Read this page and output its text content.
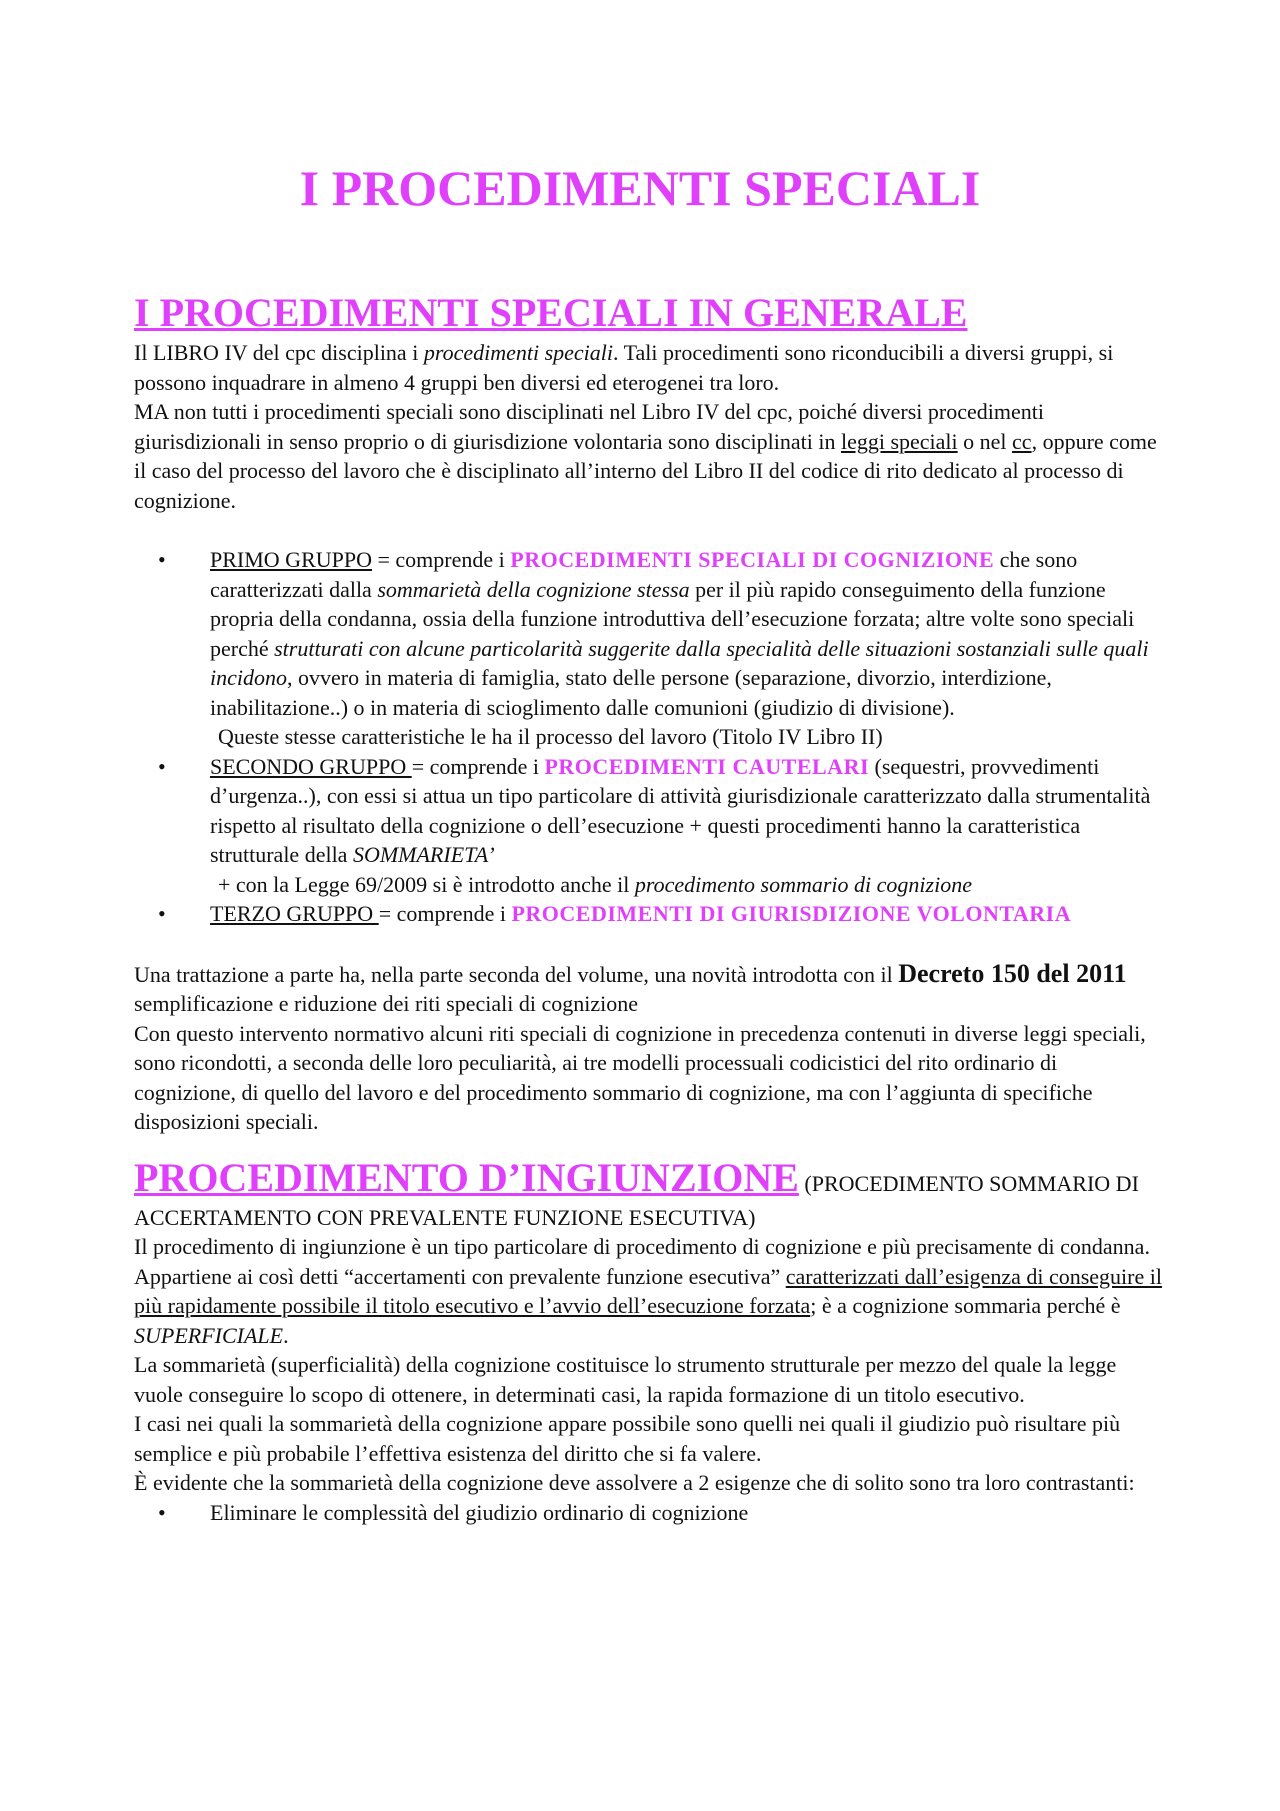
I PROCEDIMENTI SPECIALI
I PROCEDIMENTI SPECIALI IN GENERALE

Il LIBRO IV del cpc disciplina i procedimenti speciali. Tali procedimenti sono riconducibili a diversi gruppi, si possono inquadrare in almeno 4 gruppi ben diversi ed eterogenei tra loro.

MA non tutti i procedimenti speciali sono disciplinati nel Libro IV del cpc, poiché diversi procedimenti giurisdizionali in senso proprio o di giurisdizione volontaria sono disciplinati in leggi speciali o nel cc, oppure come il caso del processo del lavoro che è disciplinato all’interno del Libro II del codice di rito dedicato al processo di cognizione.

• PRIMO GRUPPO = comprende i PROCEDIMENTI SPECIALI DI COGNIZIONE che sono caratterizzati dalla sommarietà della cognizione stessa per il più rapido conseguimento della funzione propria della condanna, ossia della funzione introduttiva dell’esecuzione forzata; altre volte sono speciali perché strutturati con alcune particolarità suggerite dalla specialità delle situazioni sostanziali sulle quali incidono, ovvero in materia di famiglia, stato delle persone (separazione, divorzio, interdizione, inabilitazione..) o in materia di scioglimento dalle comunioni (giudizio di divisione).
Queste stesse caratteristiche le ha il processo del lavoro (Titolo IV Libro II)
• SECONDO GRUPPO = comprende i PROCEDIMENTI CAUTELARI (sequestri, provvedimenti d’urgenza..), con essi si attua un tipo particolare di attività giurisdizionale caratterizzato dalla strumentalità rispetto al risultato della cognizione o dell’esecuzione + questi procedimenti hanno la caratteristica strutturale della SOMMARIETA’
+ con la Legge 69/2009 si è introdotto anche il procedimento sommario di cognizione
• TERZO GRUPPO = comprende i PROCEDIMENTI DI GIURISDIZIONE VOLONTARIA

Una trattazione a parte ha, nella parte seconda del volume, una novità introdotta con il Decreto 150 del 2011 semplificazione e riduzione dei riti speciali di cognizione

Con questo intervento normativo alcuni riti speciali di cognizione in precedenza contenuti in diverse leggi speciali, sono ricondotti, a seconda delle loro peculiarità, ai tre modelli processuali codicistici del rito ordinario di cognizione, di quello del lavoro e del procedimento sommario di cognizione, ma con l’aggiunta di specifiche disposizioni speciali.

PROCEDIMENTO D’INGIUNZIONE (PROCEDIMENTO SOMMARIO DI ACCERTAMENTO CON PREVALENTE FUNZIONE ESECUTIVA)

Il procedimento di ingiunzione è un tipo particolare di procedimento di cognizione e più precisamente di condanna. Appartiene ai così detti “accertamenti con prevalente funzione esecutiva” caratterizzati dall’esigenza di conseguire il più rapidamente possibile il titolo esecutivo e l’avvio dell’esecuzione forzata; è a cognizione sommaria perché è SUPERFICIALE.

La sommarietà (superficialità) della cognizione costituisce lo strumento strutturale per mezzo del quale la legge vuole conseguire lo scopo di ottenere, in determinati casi, la rapida formazione di un titolo esecutivo.

I casi nei quali la sommarietà della cognizione appare possibile sono quelli nei quali il giudizio può risultare più semplice e più probabile l’effettiva esistenza del diritto che si fa valere.

È evidente che la sommarietà della cognizione deve assolvere a 2 esigenze che di solito sono tra loro contrastanti:

• Eliminare le complessità del giudizio ordinario di cognizione
